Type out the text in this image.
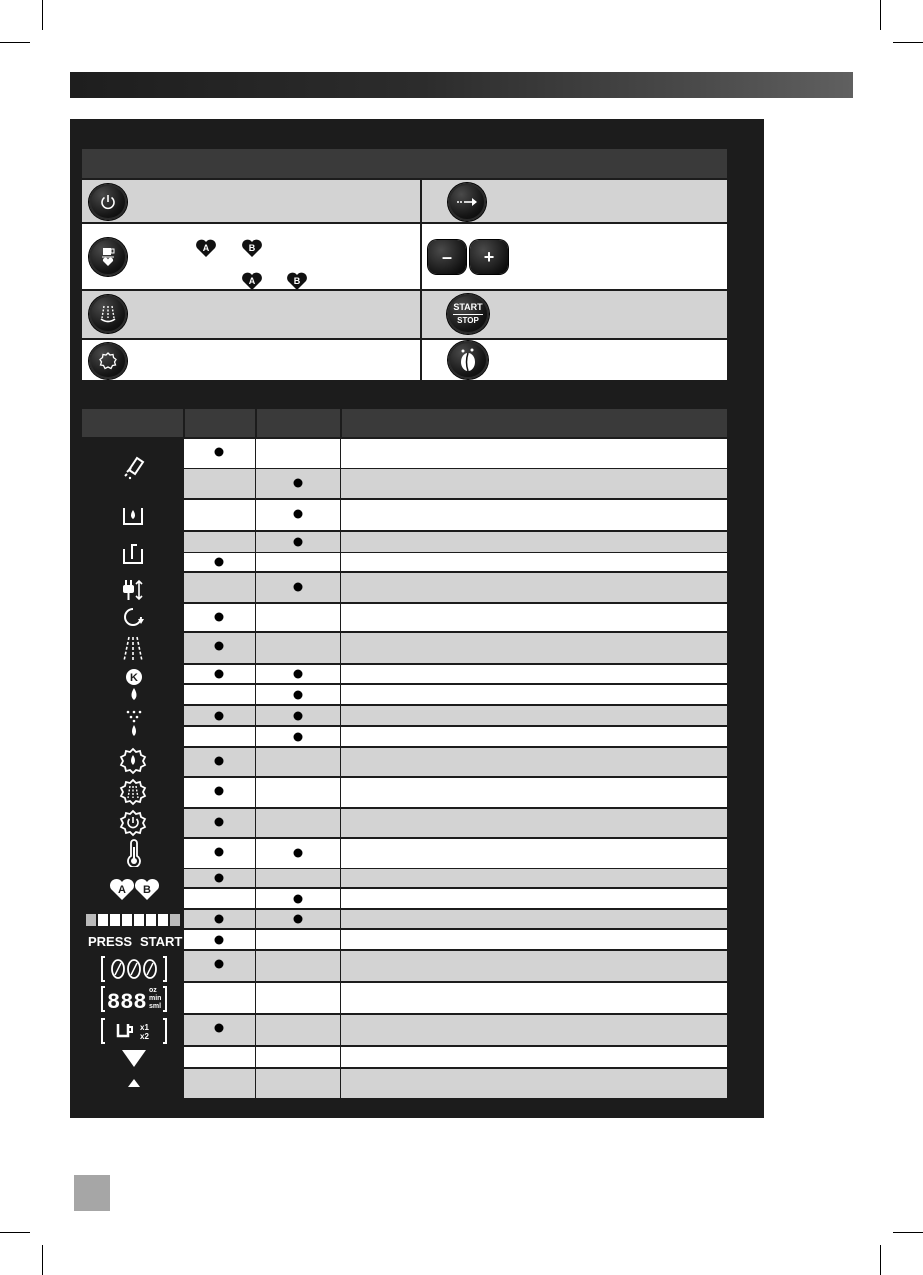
A	B
A	B
– +
START
STOP
K
A B
PRESS START
888 oz
min
sml
x1
x2
